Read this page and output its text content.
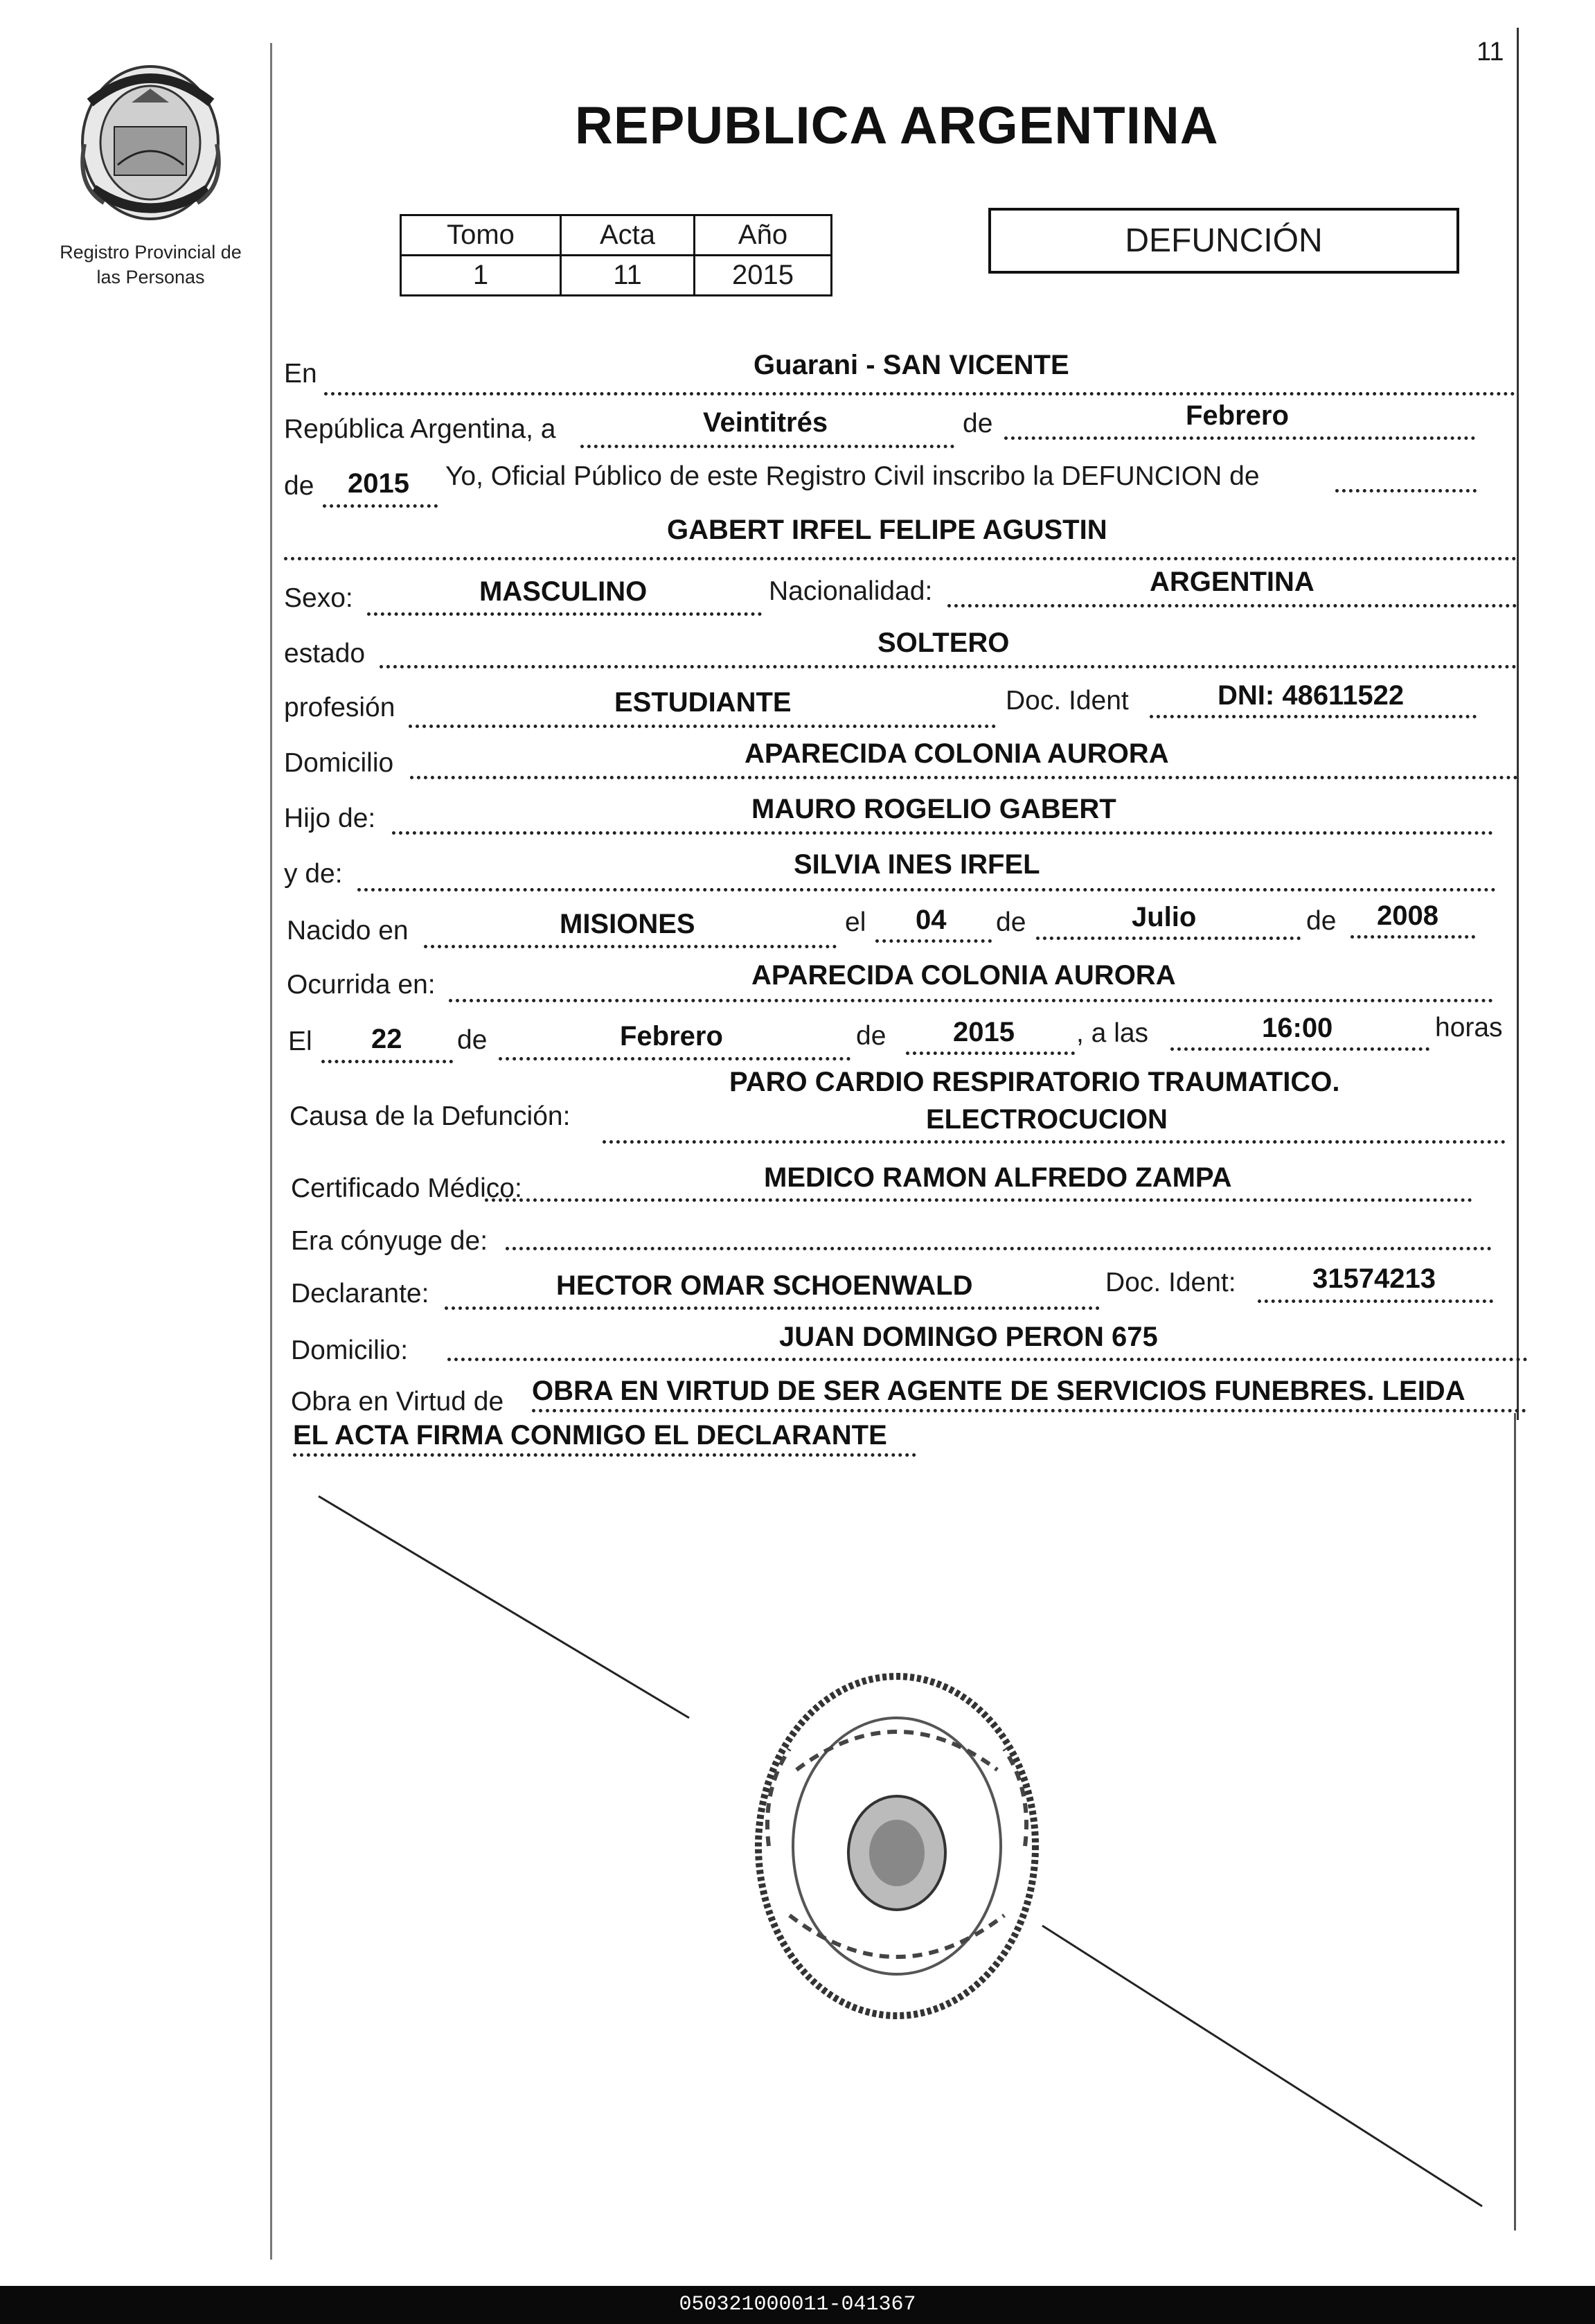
11
Registro Provincial de
las Personas
REPUBLICA ARGENTINA
Tomo	Acta	Año
1	11	2015
DEFUNCIÓN
En	Guarani - SAN VICENTE
República Argentina, a	Veintitrés	de	Febrero
de 2015 Yo, Oficial Público de este Registro Civil inscribo la DEFUNCION de
GABERT IRFEL FELIPE AGUSTIN
Sexo:	MASCULINO	Nacionalidad:	ARGENTINA
estado	SOLTERO
profesión	ESTUDIANTE	Doc. Ident	DNI: 48611522
Domicilio	APARECIDA COLONIA AURORA
Hijo de:	MAURO ROGELIO GABERT
y de:	SILVIA INES IRFEL
Nacido en	MISIONES	el 04 de	Julio	de 2008
Ocurrida en:	APARECIDA COLONIA AURORA
El 22 de	Febrero	de 2015 , a las	16:00	horas
Causa de la Defunción:
PARO CARDIO RESPIRATORIO TRAUMATICO.
ELECTROCUCION
Certificado Médico:	MEDICO RAMON ALFREDO ZAMPA
Era cónyuge de:
Declarante:	HECTOR OMAR SCHOENWALD	Doc. Ident:	31574213
Domicilio:	JUAN DOMINGO PERON 675
Obra en Virtud de OBRA EN VIRTUD DE SER AGENTE DE SERVICIOS FUNEBRES. LEIDA
EL ACTA FIRMA CONMIGO EL DECLARANTE
050321000011-041367
